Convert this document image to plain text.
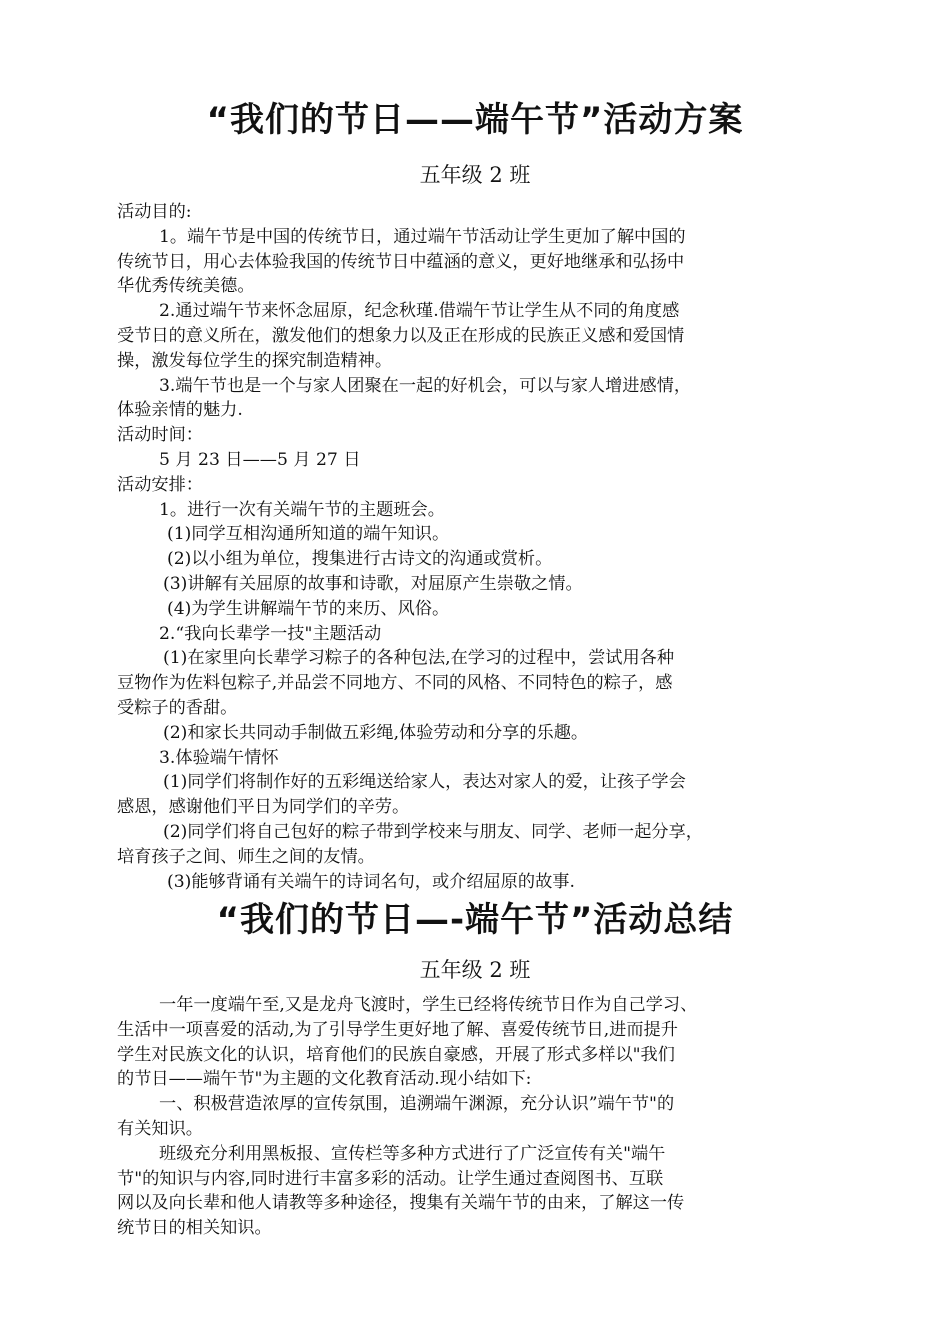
“我们的节日——端午节”活动方案
五年级 2 班

活动目的:

1。端午节是中国的传统节日，通过端午节活动让学生更加了解中国的

传统节日，用心去体验我国的传统节日中蕴涵的意义，更好地继承和弘扬中

华优秀传统美德。

2.通过端午节来怀念屈原，纪念秋瑾.借端午节让学生从不同的角度感

受节日的意义所在，激发他们的想象力以及正在形成的民族正义感和爱国情

操，激发每位学生的探究制造精神。

3.端午节也是一个与家人团聚在一起的好机会，可以与家人增进感情，

体验亲情的魅力.

活动时间：

5 月 23 日——5 月 27 日

活动安排：

1。进行一次有关端午节的主题班会。

(1)同学互相沟通所知道的端午知识。

(2)以小组为单位，搜集进行古诗文的沟通或赏析。

(3)讲解有关屈原的故事和诗歌，对屈原产生崇敬之情。

(4)为学生讲解端午节的来历、风俗。

2.“我向长辈学一技"主题活动

(1)在家里向长辈学习粽子的各种包法,在学习的过程中，尝试用各种

豆物作为佐料包粽子,并品尝不同地方、不同的风格、不同特色的粽子，感

受粽子的香甜。

(2)和家长共同动手制做五彩绳,体验劳动和分享的乐趣。

3.体验端午情怀

(1)同学们将制作好的五彩绳送给家人，表达对家人的爱，让孩子学会

感恩，感谢他们平日为同学们的辛劳。

(2)同学们将自己包好的粽子带到学校来与朋友、同学、老师一起分享，

培育孩子之间、师生之间的友情。

(3)能够背诵有关端午的诗词名句，或介绍屈原的故事.

“我们的节日—-端午节”活动总结
五年级 2 班

一年一度端午至,又是龙舟飞渡时，学生已经将传统节日作为自己学习、

生活中一项喜爱的活动,为了引导学生更好地了解、喜爱传统节日,进而提升

学生对民族文化的认识，培育他们的民族自豪感，开展了形式多样以"我们

的节日——端午节"为主题的文化教育活动.现小结如下:

一、积极营造浓厚的宣传氛围，追溯端午渊源，充分认识”端午节"的

有关知识。

班级充分利用黑板报、宣传栏等多种方式进行了广泛宣传有关"端午

节"的知识与内容,同时进行丰富多彩的活动。让学生通过查阅图书、互联

网以及向长辈和他人请教等多种途径，搜集有关端午节的由来，了解这一传

统节日的相关知识。
